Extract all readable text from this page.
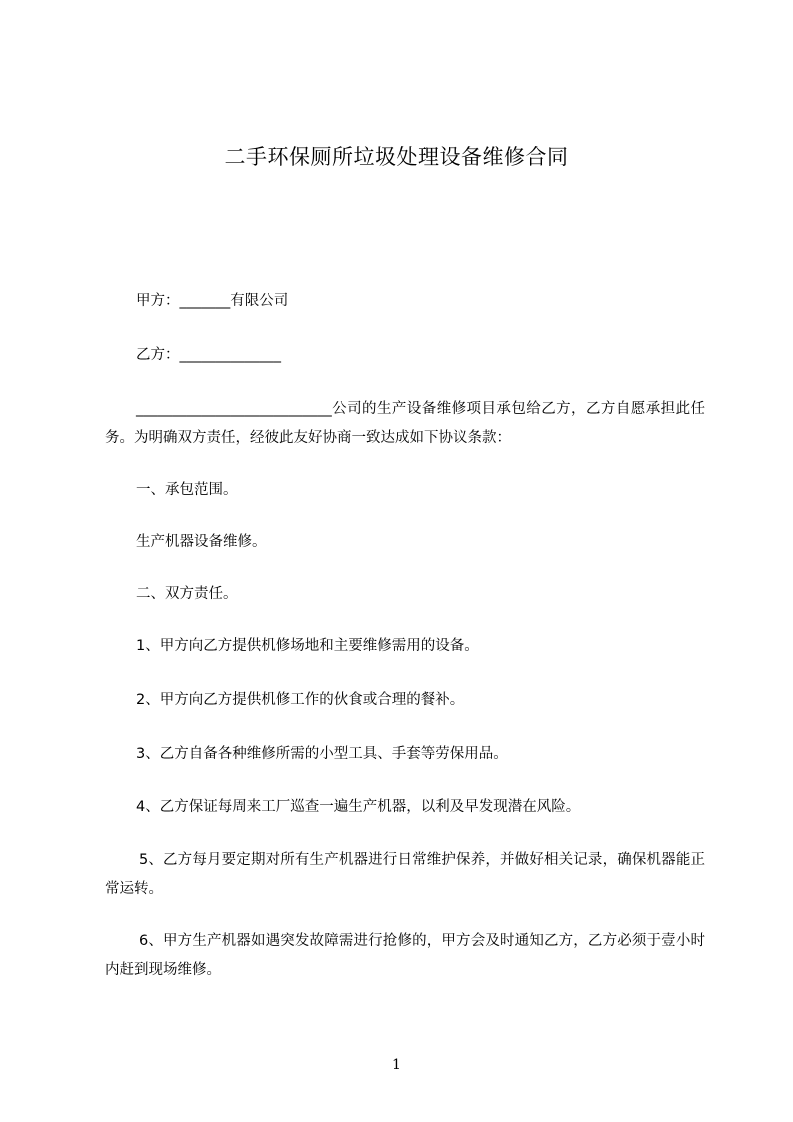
二手环保厕所垃圾处理设备维修合同

甲方：_______有限公司

乙方：______________

___________________________公司的生产设备维修项目承包给乙方，乙方自愿承担此任务。为明确双方责任，经彼此友好协商一致达成如下协议条款：

一、承包范围。

生产机器设备维修。

二、双方责任。

1、甲方向乙方提供机修场地和主要维修需用的设备。

2、甲方向乙方提供机修工作的伙食或合理的餐补。

3、乙方自备各种维修所需的小型工具、手套等劳保用品。

4、乙方保证每周来工厂巡查一遍生产机器，以利及早发现潜在风险。

5、乙方每月要定期对所有生产机器进行日常维护保养，并做好相关记录，确保机器能正常运转。

6、甲方生产机器如遇突发故障需进行抢修的，甲方会及时通知乙方，乙方必须于壹小时内赶到现场维修。

1
